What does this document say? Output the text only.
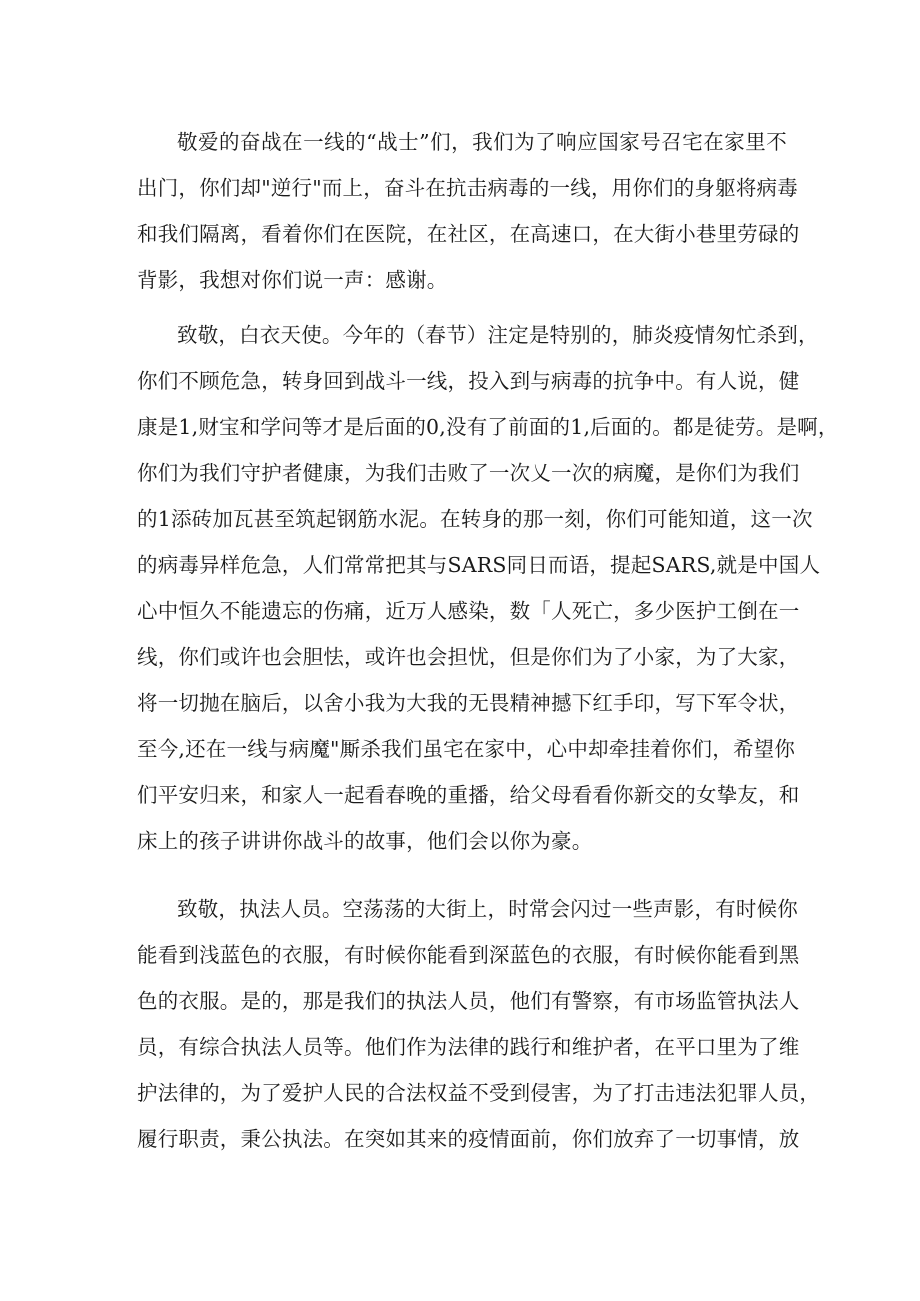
敬爱的奋战在一线的“战士”们，我们为了响应国家号召宅在家里不
出门，你们却"逆行"而上，奋斗在抗击病毒的一线，用你们的身躯将病毒
和我们隔离，看着你们在医院，在社区，在高速口，在大街小巷里劳碌的
背影，我想对你们说一声：感谢。
致敬，白衣天使。今年的（春节）注定是特别的，肺炎疫情匆忙杀到，
你们不顾危急，转身回到战斗一线，投入到与病毒的抗争中。有人说，健
康是1,财宝和学问等才是后面的0,没有了前面的1,后面的。都是徒劳。是啊，
你们为我们守护者健康，为我们击败了一次乂一次的病魔，是你们为我们
的1添砖加瓦甚至筑起钢筋水泥。在转身的那一刻，你们可能知道，这一次
的病毒异样危急，人们常常把其与SARS同日而语，提起SARS,就是中国人
心中恒久不能遗忘的伤痛，近万人感染，数「人死亡，多少医护工倒在一
线，你们或许也会胆怯，或许也会担忧，但是你们为了小家，为了大家，
将一切抛在脑后，以舍小我为大我的无畏精神撼下红手印，写下军令状，
至今,还在一线与病魔"厮杀我们虽宅在家中，心中却牵挂着你们，希望你
们平安归来，和家人一起看春晚的重播，给父母看看你新交的女挚友，和
床上的孩子讲讲你战斗的故事，他们会以你为豪。
致敬，执法人员。空荡荡的大街上，时常会闪过一些声影，有时候你
能看到浅蓝色的衣服，有时候你能看到深蓝色的衣服，有时候你能看到黑
色的衣服。是的，那是我们的执法人员，他们有警察，有市场监管执法人
员，有综合执法人员等。他们作为法律的践行和维护者，在平口里为了维
护法律的，为了爱护人民的合法权益不受到侵害，为了打击违法犯罪人员，
履行职责，秉公执法。在突如其来的疫情面前，你们放弃了一切事情，放
